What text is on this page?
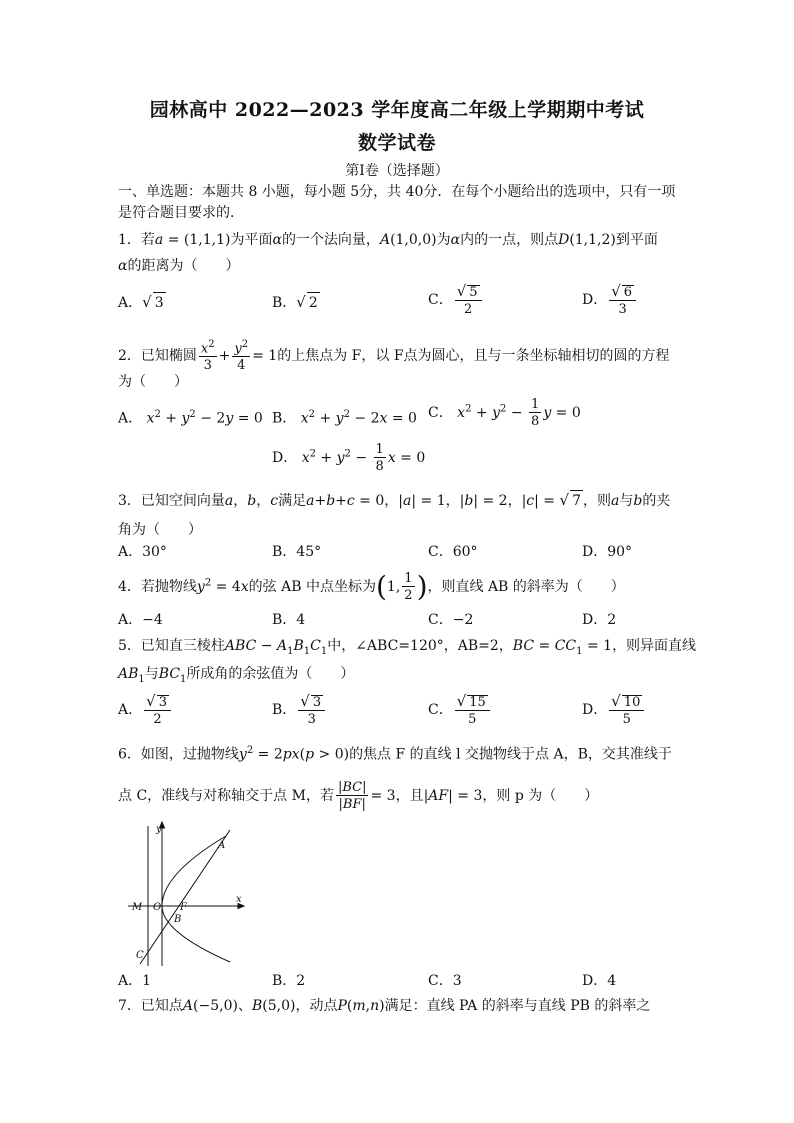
园林高中 2022—2023 学年度高二年级上学期期中考试
数学试卷
第Ⅰ卷（选择题）
一、单选题：本题共 8 小题，每小题 5分，共 40分．在每个小题给出的选项中，只有一项
是符合题目要求的．
1．若a = (1,1,1)为平面α的一个法向量，A(1,0,0)为α内的一点，则点D(1,1,2)到平面
α的距离为（　　）
A．√ 3	B．√ 2	C． $\frac{√ 5}{2}$	D． $\frac{√ 6}{3}$
2．已知椭圆 $\frac{x^2}{3} + \frac{y^2}{4} = 1$的上焦点为 F，以 F点为圆心，且与一条坐标轴相切的圆的方程
为（　　）
A． $x^2 + y^2 - 2y = 0$ B． $x^2 + y^2 - 2x = 0$ C． $x^2 + y^2 - \frac{1}{8}$ y = 0
D． $x^2 + y^2 - \frac{1}{8}$ x = 0
3．已知空间向量a，b，c满足a+b+c = 0，|a| = 1，|b| = 2，|c| = √ 7 ，则a与b的夹
角为（　　）
A．30°	B．45°	C．60°	D．90°
4．若抛物线$y^2 = 4x$的弦 AB 中点坐标为(1, $\frac{1}{2}$ )，则直线 AB 的斜率为（　　）
A．−4	B．4	C．−2	D．2
5．已知直三棱柱ABC − $A_1B_1C_1$中，∠ABC=120°，AB=2，BC = $CC_1 = 1$，则异面直线
$AB_1$与$BC_1$所成角的余弦值为（　　）
A． $\frac{√ 3}{2}$	B． $\frac{√ 3}{3}$	C． $\frac{√ 15}{5}$	D． $\frac{√ 10}{5}$
6．如图，过抛物线$y^2 = 2px(p > 0)$的焦点 F 的直线 l 交抛物线于点 A，B，交其准线于
点 C，准线与对称轴交于点 M，若 $\frac{|BC|}{|BF|} = 3$，且|AF| = 3，则 p 为（　　）
y
x
A
B
C
M O F
A．1	B．2	C．3	D．4
7．已知点A(−5,0)、B(5,0)，动点P(m,n)满足：直线 PA 的斜率与直线 PB 的斜率之
